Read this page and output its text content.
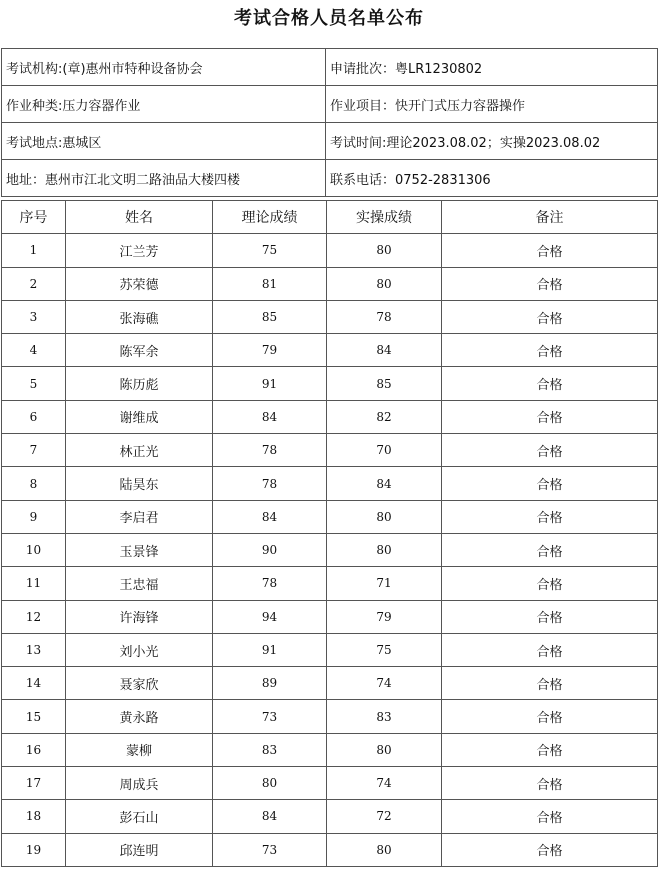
考试合格人员名单公布
考试机构:(章)惠州市特种设备协会	申请批次：粤LR1230802
作业种类:压力容器作业	作业项目：快开门式压力容器操作
考试地点:惠城区	考试时间:理论2023.08.02；实操2023.08.02
地址：惠州市江北文明二路油品大楼四楼	联系电话：0752-2831306
序号	姓名	理论成绩	实操成绩	备注
1	江兰芳	75	80	合格
2	苏荣德	81	80	合格
3	张海礁	85	78	合格
4	陈军余	79	84	合格
5	陈历彪	91	85	合格
6	谢维成	84	82	合格
7	林正光	78	70	合格
8	陆昊东	78	84	合格
9	李启君	84	80	合格
10	玉景锋	90	80	合格
11	王忠福	78	71	合格
12	许海锋	94	79	合格
13	刘小光	91	75	合格
14	聂家欣	89	74	合格
15	黄永路	73	83	合格
16	蒙柳	83	80	合格
17	周成兵	80	74	合格
18	彭石山	84	72	合格
19	邱连明	73	80	合格
